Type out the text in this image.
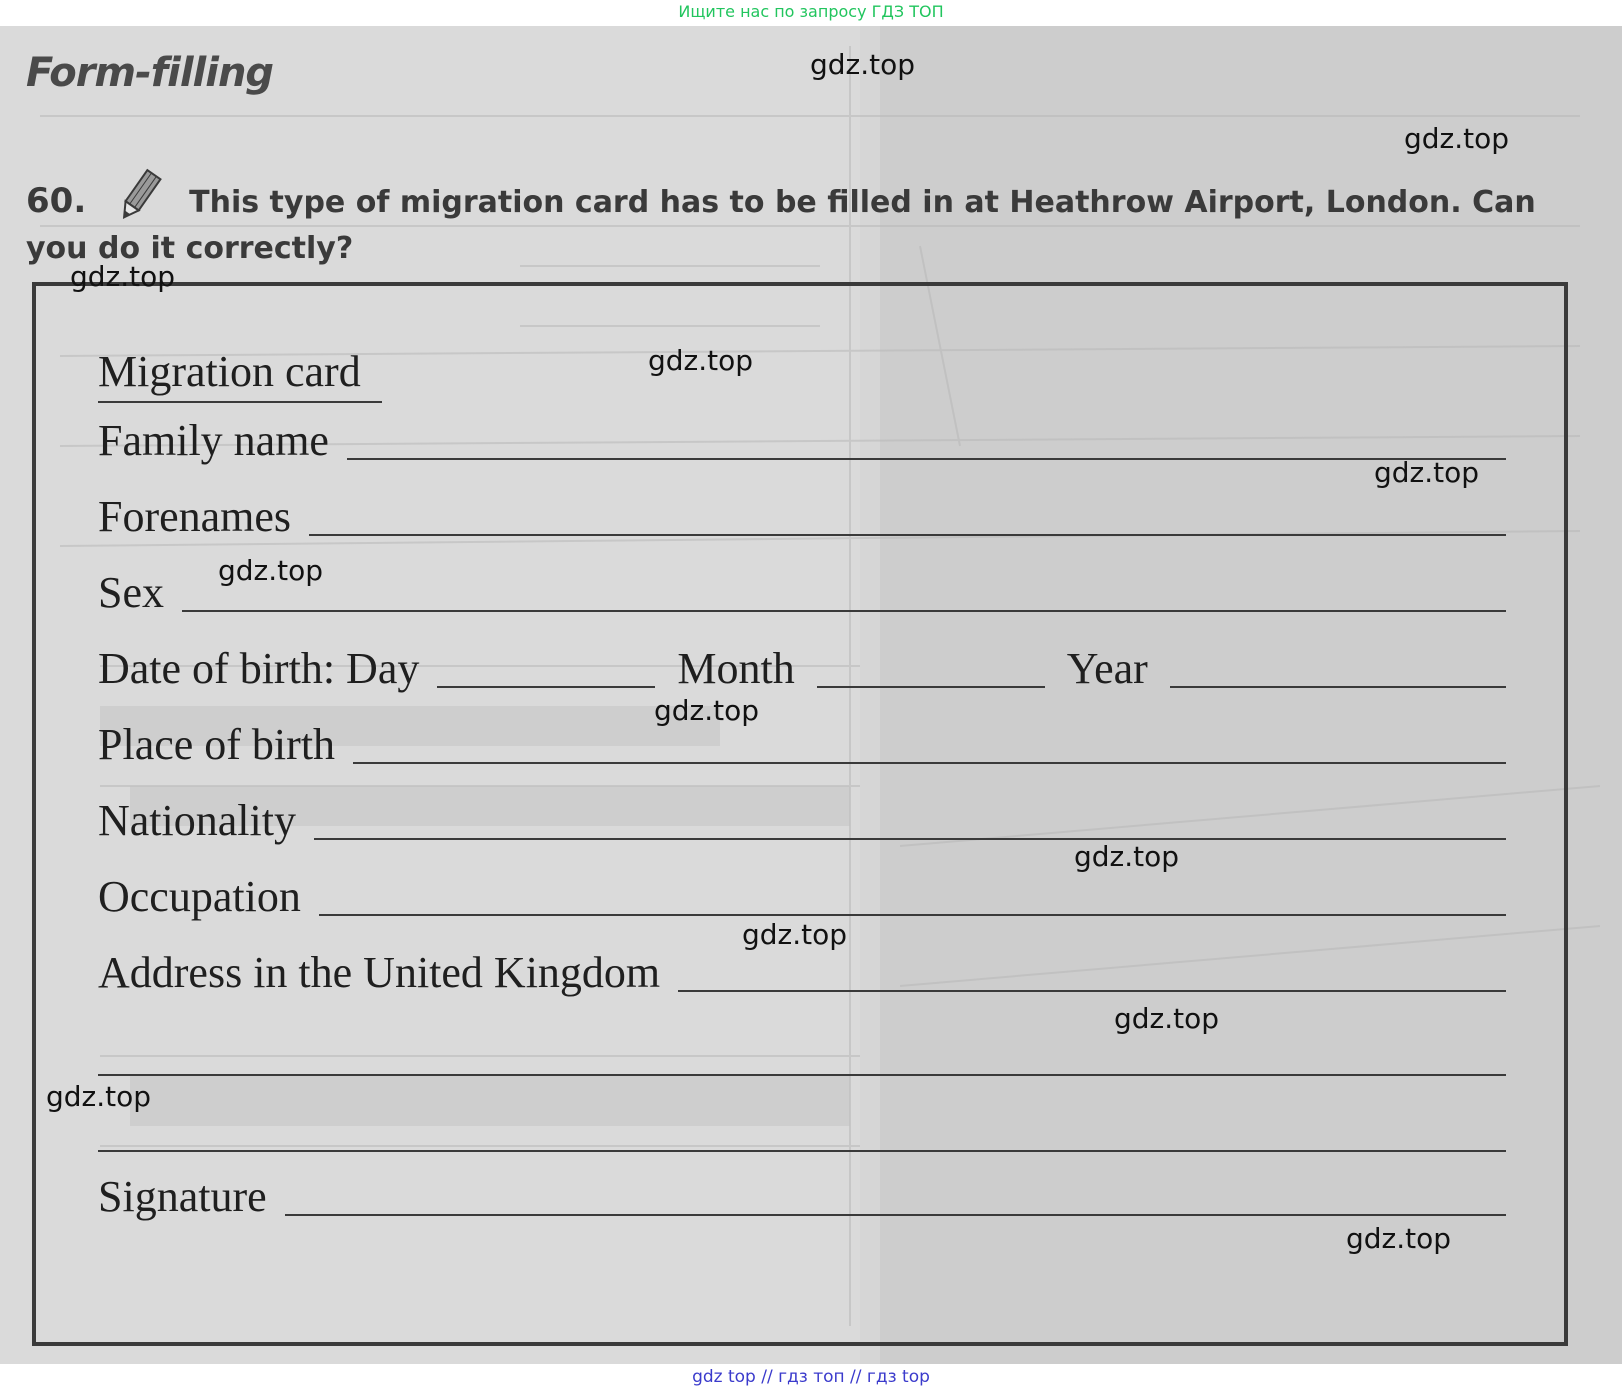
Ищите нас по запросу ГДЗ ТОП
Form-filling
60.	This type of migration card has to be filled in at Heathrow Airport, London. Can you do it correctly?
Migration card
Family name
Forenames
Sex
Date of birth: Day	Month	Year
Place of birth
Nationality
Occupation
Address in the United Kingdom
Signature
gdz.top
gdz.top
gdz.top
gdz.top
gdz.top
gdz.top
gdz.top
gdz.top
gdz.top
gdz.top
gdz.top
gdz.top
gdz top // гдз топ // гдз top
